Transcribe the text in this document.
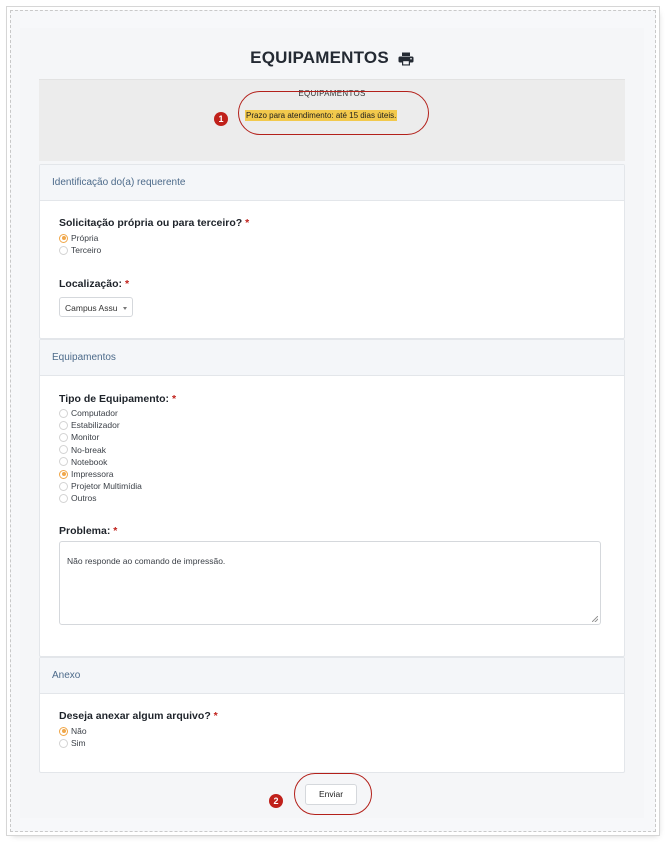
EQUIPAMENTOS
EQUIPAMENTOS
Prazo para atendimento: até 15 dias úteis.
1
Identificação do(a) requerente
Solicitação própria ou para terceiro? *
Própria
Terceiro
Localização: *
Campus Assu
Equipamentos
Tipo de Equipamento: *
Computador
Estabilizador
Monitor
No-break
Notebook
Impressora
Projetor Multimídia
Outros
Problema: *
Não responde ao comando de impressão.
Anexo
Deseja anexar algum arquivo? *
Não
Sim
Enviar
2
